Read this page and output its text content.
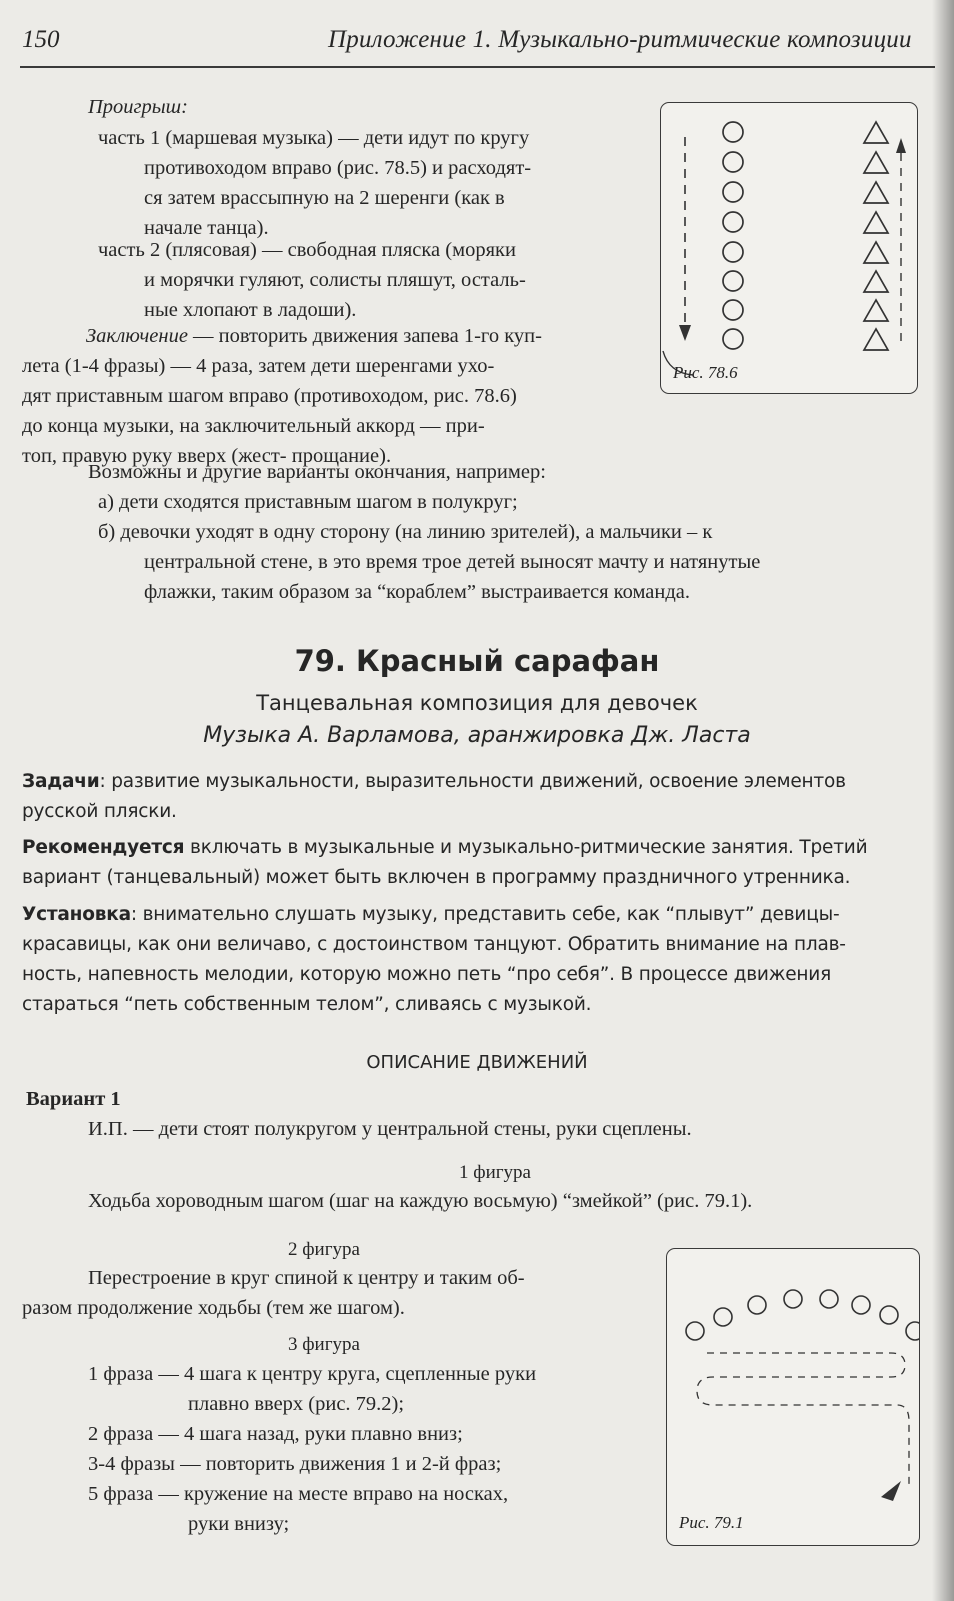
150	Приложение 1. Музыкально-ритмические композиции
Проигрыш:
часть 1 (маршевая музыка) — дети идут по кругу
противоходом вправо (рис. 78.5) и расходят-
ся затем врассыпную на 2 шеренги (как в
начале танца).
часть 2 (плясовая) — свободная пляска (моряки
и морячки гуляют, солисты пляшут, осталь-
ные хлопают в ладоши).
Заключение — повторить движения запева 1-го куп-
лета (1-4 фразы) — 4 раза, затем дети шеренгами ухо-
дят приставным шагом вправо (противоходом, рис. 78.6)
до конца музыки, на заключительный аккорд — при-
топ, правую руку вверх (жест- прощание).
Возможны и другие варианты окончания, например:
а) дети сходятся приставным шагом в полукруг;
б) девочки уходят в одну сторону (на линию зрителей), а мальчики – к
центральной стене, в это время трое детей выносят мачту и натянутые
флажки, таким образом за “кораблем” выстраивается команда.
Рис. 78.6
79. Красный сарафан
Танцевальная композиция для девочек
Музыка А. Варламова, аранжировка Дж. Ласта
Задачи: развитие музыкальности, выразительности движений, освоение элементов
русской пляски.
Рекомендуется включать в музыкальные и музыкально-ритмические занятия. Третий
вариант (танцевальный) может быть включен в программу праздничного утренника.
Установка: внимательно слушать музыку, представить себе, как “плывут” девицы-
красавицы, как они величаво, с достоинством танцуют. Обратить внимание на плав-
ность, напевность мелодии, которую можно петь “про себя”. В процессе движения
стараться “петь собственным телом”, сливаясь с музыкой.
ОПИСАНИЕ ДВИЖЕНИЙ
Вариант 1
И.П. — дети стоят полукругом у центральной стены, руки сцеплены.
1 фигура
Ходьба хороводным шагом (шаг на каждую восьмую) “змейкой” (рис. 79.1).
2 фигура
Перестроение в круг спиной к центру и таким об-
разом продолжение ходьбы (тем же шагом).
3 фигура
1 фраза — 4 шага к центру круга, сцепленные руки
плавно вверх (рис. 79.2);
2 фраза — 4 шага назад, руки плавно вниз;
3-4 фразы — повторить движения 1 и 2-й фраз;
5 фраза — кружение на месте вправо на носках,
руки внизу;	Рис. 79.1
